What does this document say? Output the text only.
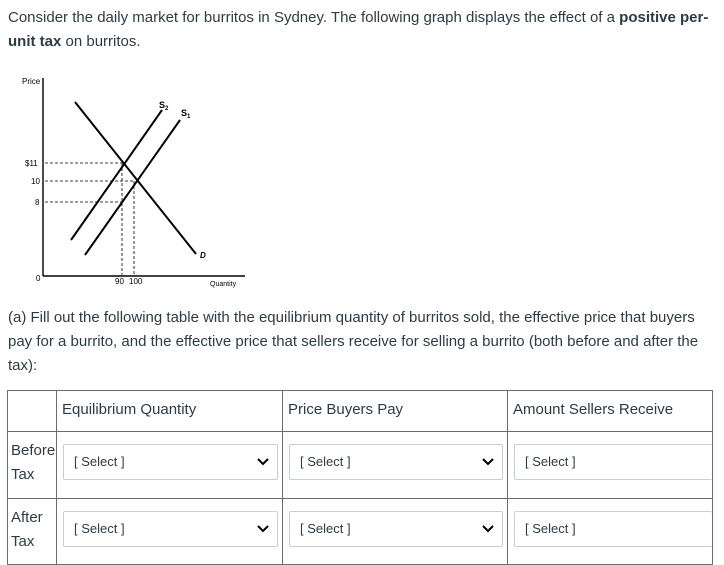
Consider the daily market for burritos in Sydney. The following graph displays the effect of a positive per-unit tax on burritos.
Price
Quantity
0
$11
10
8
90 100
$S_2$ $S_1$
D
(a) Fill out the following table with the equilibrium quantity of burritos sold, the effective price that buyers pay for a burrito, and the effective price that sellers receive for selling a burrito (both before and after the tax):

	Equilibrium Quantity	Price Buyers Pay	Amount Sellers Receive

Before
Tax	[ Select ]	[ Select ]	[ Select ]

After
Tax	[ Select ]	[ Select ]	[ Select ]
